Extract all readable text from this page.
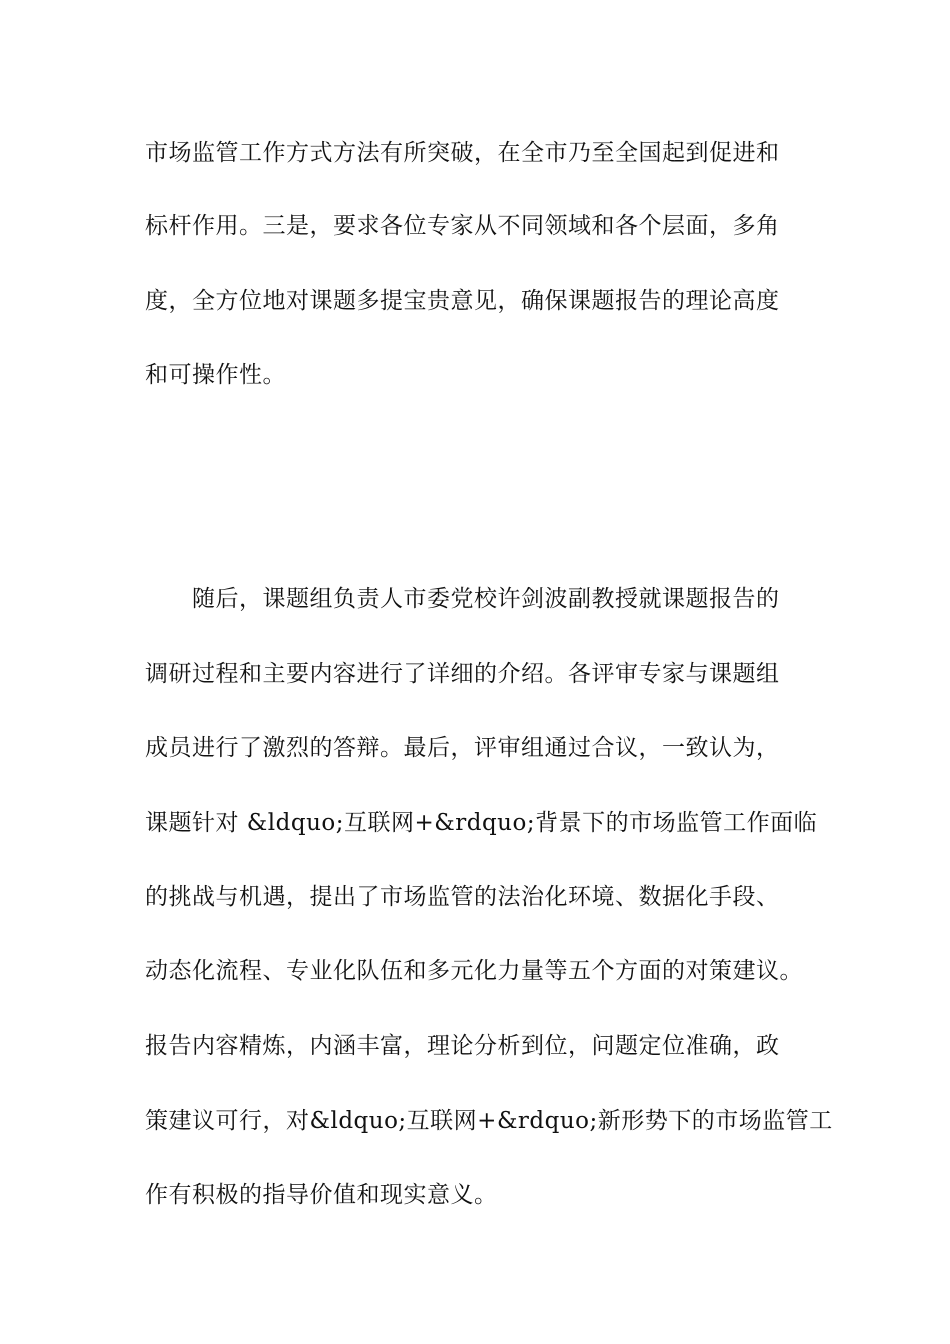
市场监管工作方式方法有所突破，在全市乃至全国起到促进和
标杆作用。三是，要求各位专家从不同领域和各个层面，多角
度，全方位地对课题多提宝贵意见，确保课题报告的理论高度
和可操作性。
　　随后，课题组负责人市委党校许剑波副教授就课题报告的
调研过程和主要内容进行了详细的介绍。各评审专家与课题组
成员进行了激烈的答辩。最后，评审组通过合议，一致认为，
课题针对 &ldquo;互联网+&rdquo;背景下的市场监管工作面临
的挑战与机遇，提出了市场监管的法治化环境、数据化手段、
动态化流程、专业化队伍和多元化力量等五个方面的对策建议。
报告内容精炼，内涵丰富，理论分析到位，问题定位准确，政
策建议可行，对&ldquo;互联网+&rdquo;新形势下的市场监管工
作有积极的指导价值和现实意义。
